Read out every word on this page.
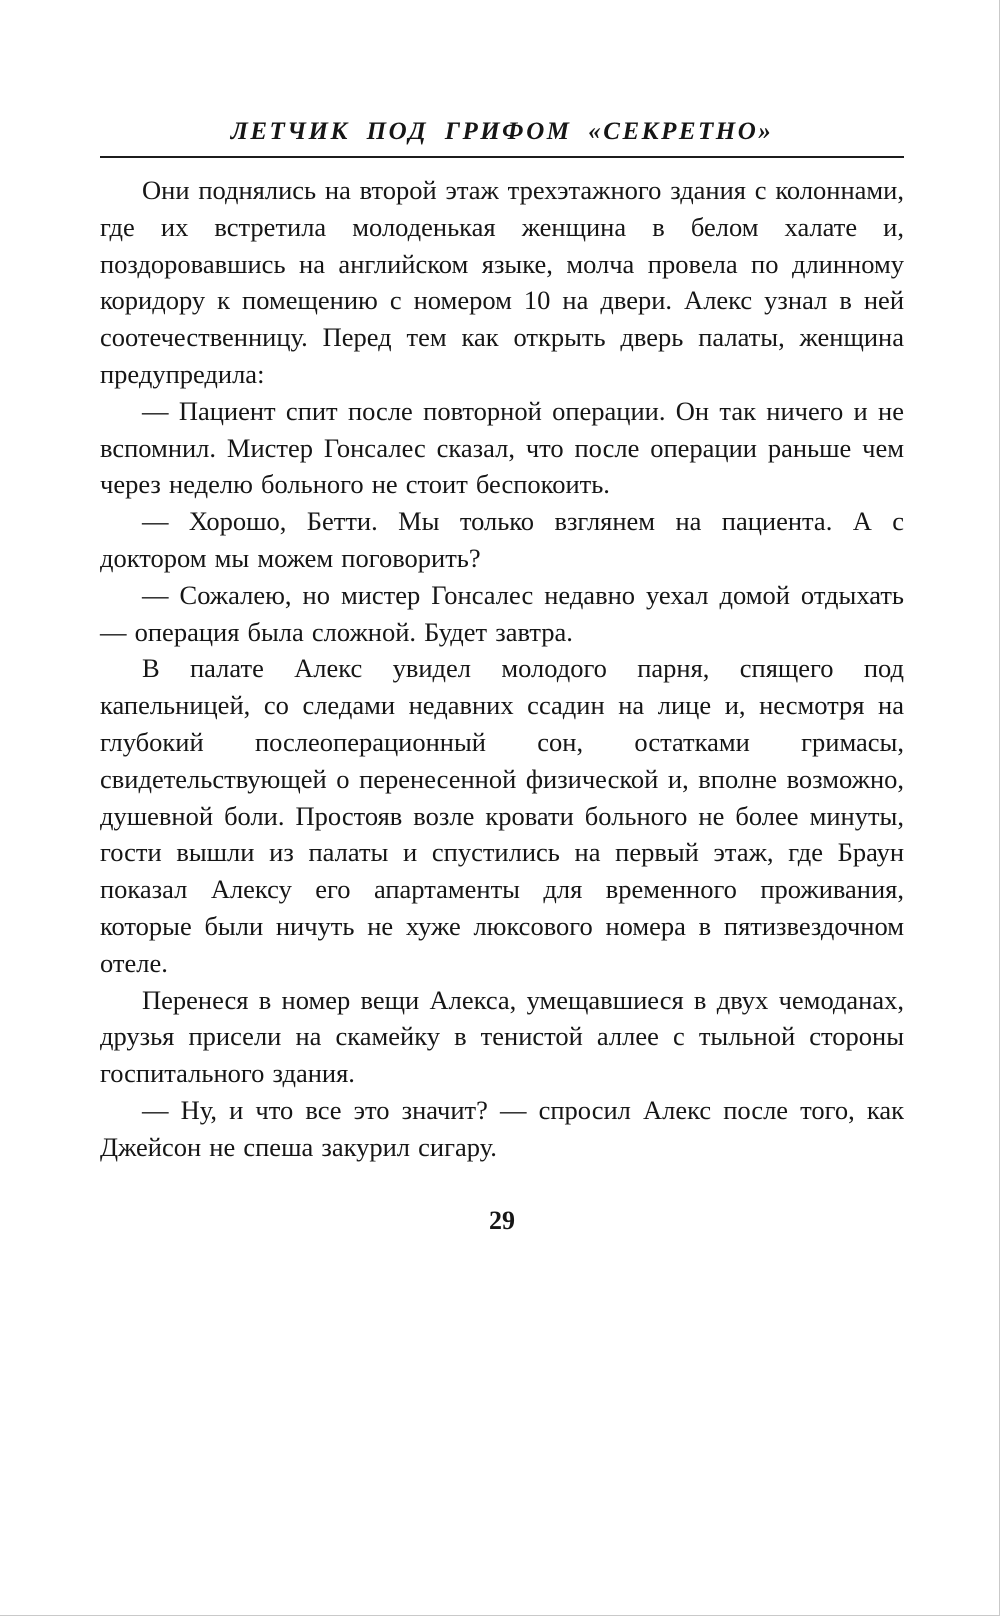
ЛЕТЧИК ПОД ГРИФОМ «СЕКРЕТНО»

Они поднялись на второй этаж трехэтажного здания с колоннами, где их встретила молоденькая женщина в белом халате и, поздоровавшись на английском языке, молча провела по длинному коридору к помещению с номером 10 на двери. Алекс узнал в ней соотечественницу. Перед тем как открыть дверь палаты, женщина предупредила:

— Пациент спит после повторной операции. Он так ничего и не вспомнил. Мистер Гонсалес сказал, что после операции раньше чем через неделю больного не стоит беспокоить.

— Хорошо, Бетти. Мы только взглянем на пациента. А с доктором мы можем поговорить?

— Сожалею, но мистер Гонсалес недавно уехал домой отдыхать — операция была сложной. Будет завтра.

В палате Алекс увидел молодого парня, спящего под капельницей, со следами недавних ссадин на лице и, несмотря на глубокий послеоперационный сон, остатками гримасы, свидетельствующей о перенесенной физической и, вполне возможно, душевной боли. Простояв возле кровати больного не более минуты, гости вышли из палаты и спустились на первый этаж, где Браун показал Алексу его апартаменты для временного проживания, которые были ничуть не хуже люксового номера в пятизвездочном отеле.

Перенеся в номер вещи Алекса, умещавшиеся в двух чемоданах, друзья присели на скамейку в тенистой аллее с тыльной стороны госпитального здания.

— Ну, и что все это значит? — спросил Алекс после того, как Джейсон не спеша закурил сигару.

29
